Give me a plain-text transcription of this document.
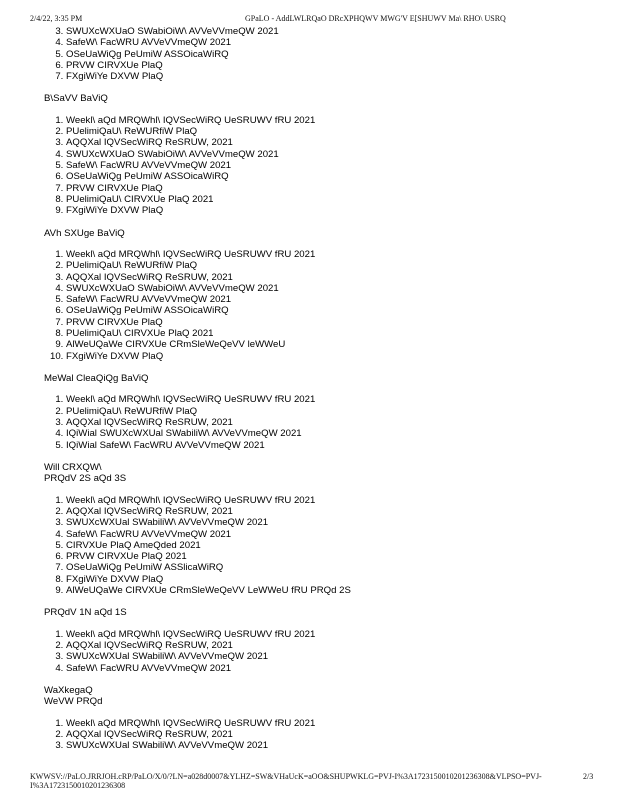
2/4/22, 3:35 PM	GPaLO - AddLWLRQaO DRcXPHQWV MWG'V E[SHUWV Ma\ RHO\ USRQ
3. SWUXcWXUaO SWabiOiW\ AVVeVVmeQW 2021
4. SafeW\ FacWRU AVVeVVmeQW 2021
5. OSeUaWiQg PeUmiW ASSOicaWiRQ
6. PRVW CIRVXUe PlaQ
7. FXgiWiYe DXVW PlaQ
B\SaVV BaViQ
1. Weekl\ aQd MRQWhl\ IQVSecWiRQ UeSRUWV fRU 2021
2. PUelimiQaU\ ReWURfiW PlaQ
3. AQQXal IQVSecWiRQ ReSRUW, 2021
4. SWUXcWXUaO SWabiOiW\ AVVeVVmeQW 2021
5. SafeW\ FacWRU AVVeVVmeQW 2021
6. OSeUaWiQg PeUmiW ASSOicaWiRQ
7. PRVW CIRVXUe PlaQ
8. PUelimiQaU\ CIRVXUe PlaQ 2021
9. FXgiWiYe DXVW PlaQ
AVh SXUge BaViQ
1. Weekl\ aQd MRQWhl\ IQVSecWiRQ UeSRUWV fRU 2021
2. PUelimiQaU\ ReWURfiW PlaQ
3. AQQXal IQVSecWiRQ ReSRUW, 2021
4. SWUXcWXUaO SWabiOiW\ AVVeVVmeQW 2021
5. SafeW\ FacWRU AVVeVVmeQW 2021
6. OSeUaWiQg PeUmiW ASSOicaWiRQ
7. PRVW CIRVXUe PlaQ
8. PUelimiQaU\ CIRVXUe PlaQ 2021
9. AlWeUQaWe CIRVXUe CRmSleWeQeVV leWWeU
10. FXgiWiYe DXVW PlaQ
MeWal CleaQiQg BaViQ
1. Weekl\ aQd MRQWhl\ IQVSecWiRQ UeSRUWV fRU 2021
2. PUelimiQaU\ ReWURfiW PlaQ
3. AQQXal IQVSecWiRQ ReSRUW, 2021
4. IQiWial SWUXcWXUal SWabiliW\ AVVeVVmeQW 2021
5. IQiWial SafeW\ FacWRU AVVeVVmeQW 2021
Will CRXQW\
PRQdV 2S aQd 3S
1. Weekl\ aQd MRQWhl\ IQVSecWiRQ UeSRUWV fRU 2021
2. AQQXal IQVSecWiRQ ReSRUW, 2021
3. SWUXcWXUal SWabiliW\ AVVeVVmeQW 2021
4. SafeW\ FacWRU AVVeVVmeQW 2021
5. CIRVXUe PlaQ AmeQded 2021
6. PRVW CIRVXUe PlaQ 2021
7. OSeUaWiQg PeUmiW ASSlicaWiRQ
8. FXgiWiYe DXVW PlaQ
9. AlWeUQaWe CIRVXUe CRmSleWeQeVV LeWWeU fRU PRQd 2S
PRQdV 1N aQd 1S
1. Weekl\ aQd MRQWhl\ IQVSecWiRQ UeSRUWV fRU 2021
2. AQQXal IQVSecWiRQ ReSRUW, 2021
3. SWUXcWXUal SWabiliW\ AVVeVVmeQW 2021
4. SafeW\ FacWRU AVVeVVmeQW 2021
WaXkegaQ
WeVW PRQd
1. Weekl\ aQd MRQWhl\ IQVSecWiRQ UeSRUWV fRU 2021
2. AQQXal IQVSecWiRQ ReSRUW, 2021
3. SWUXcWXUal SWabiliW\ AVVeVVmeQW 2021
KWWSV://PaLO.JRRJOH.cRP/PaLO/X/0/?LN=a028d0007&YLHZ=SW&VHaUcK=aOO&SHUPWKLG=PVJ-I%3A1723150010201236308&VLPSO=PVJ-I%3A1723150010201236308
2/3
